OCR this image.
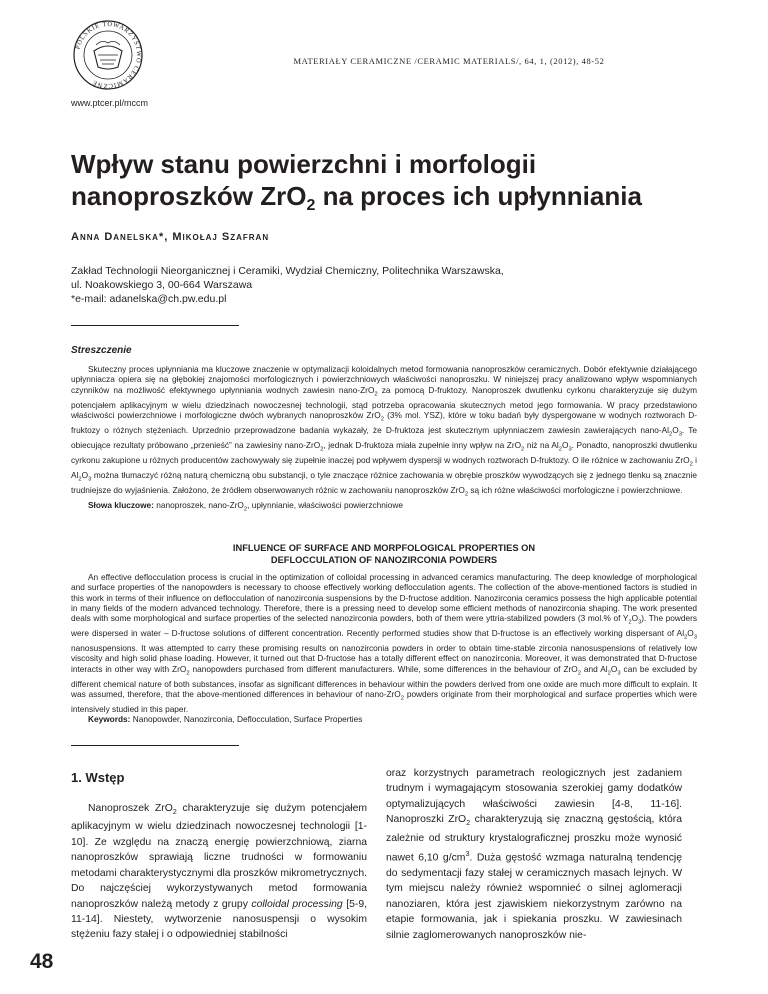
POLSKIE TOWARZYSTWO CERAMICZNE
www.ptcer.pl/mccm
MATERIAŁY CERAMICZNE /CERAMIC MATERIALS/, 64, 1, (2012), 48-52
Wpływ stanu powierzchni i morfologii
nanoproszków ZrO$_2$ na proces ich upłynniania
Anna Danelska*, Mikołaj Szafran
Zakład Technologii Nieorganicznej i Ceramiki, Wydział Chemiczny, Politechnika Warszawska,
ul. Noakowskiego 3, 00-664 Warszawa
*e-mail: adanelska@ch.pw.edu.pl
Streszczenie

Skuteczny proces upłynniania ma kluczowe znaczenie w optymalizacji koloidalnych metod formowania nanoproszków ceramicznych. Dobór efektywnie działającego upłynniacza opiera się na głębokiej znajomości morfologicznych i powierzchniowych właściwości nanoproszku. W niniejszej pracy analizowano wpływ wspomnianych czynników na możliwość efektywnego upłynniania wodnych zawiesin nano-ZrO$_2$ za pomocą D-fruktozy. Nanoproszek dwutlenku cyrkonu charakteryzuje się dużym potencjałem aplikacyjnym w wielu dziedzinach nowoczesnej technologii, stąd potrzeba opracowania skutecznych metod jego formowania. W pracy przedstawiono właściwości powierzchniowe i morfologiczne dwóch wybranych nanoproszków ZrO$_2$ (3% mol. YSZ), które w toku badań były dyspergowane w wodnych roztworach D-fruktozy o różnych stężeniach. Uprzednio przeprowadzone badania wykazały, że D-fruktoza jest skutecznym upłynniaczem zawiesin zawierających nano-$Al_2O_3$. Te obiecujące rezultaty próbowano „przenieść” na zawiesiny nano-ZrO$_2$, jednak D-fruktoza miała zupełnie inny wpływ na ZrO$_2$ niż na $Al_2O_3$. Ponadto, nanoproszki dwutlenku cyrkonu zakupione u różnych producentów zachowywały się zupełnie inaczej pod wpływem dyspersji w wodnych roztworach D-fruktozy. O ile różnice w zachowaniu ZrO$_2$ i $Al_2O_3$ można tłumaczyć różną naturą chemiczną obu substancji, o tyle znaczące różnice zachowania w obrębie proszków wywodzących się z jednego tlenku są znacznie trudniejsze do wyjaśnienia. Założono, że źródłem obserwowanych różnic w zachowaniu nanoproszków ZrO$_2$ są ich różne właściwości morfologiczne i powierzchniowe.

Słowa kluczowe: nanoproszek, nano-ZrO$_2$, upłynnianie, właściwości powierzchniowe

INFLUENCE OF SURFACE AND MORPFOLOGICAL PROPERTIES ON
DEFLOCCULATION OF NANOZIRCONIA POWDERS

An effective deflocculation process is crucial in the optimization of colloidal processing in advanced ceramics manufacturing. The deep knowledge of morphological and surface properties of the nanopowders is necessary to choose effectively working deflocculation agents. The collection of the above-mentioned factors is studied in this work in terms of their influence on deflocculation of nanozirconia suspensions by the D-fructose addition. Nanozirconia ceramics possess the high applicable potential in many fields of the modern advanced technology. Therefore, there is a pressing need to develop some efficient methods of nanozirconia shaping. The work presented deals with some morphological and surface properties of the selected nanozirconia powders, both of them were yttria-stabilized powders (3 mol.% of $Y_2O_3$). The powders were dispersed in water – D-fructose solutions of different concentration. Recently performed studies show that D-fructose is an effectively working dispersant of $Al_2O_3$ nanosuspensions. It was attempted to carry these promising results on nanozirconia powders in order to obtain time-stable zirconia nanosuspensions of relatively low viscosity and high solid phase loading. However, it turned out that D-fructose has a totally different effect on nanozirconia. Moreover, it was demonstrated that D-fructose interacts in other way with ZrO$_2$ nanopowders purchased from different manufacturers. While, some differences in the behaviour of ZrO$_2$ and $Al_2O_3$ can be excluded by different chemical nature of both substances, insofar as significant differences in behaviour within the powders derived from one oxide are much more difficult to explain. It was assumed, therefore, that the above-mentioned differences in behaviour of nano-ZrO$_2$ powders originate from their morphological and surface properties which were intensively studied in this paper.

Keywords: Nanopowder, Nanozirconia, Deflocculation, Surface Properties

1. Wstęp

Nanoproszek ZrO$_2$ charakteryzuje się dużym potencjałem aplikacyjnym w wielu dziedzinach nowoczesnej technologii [1-10]. Ze względu na znaczą energię powierzchniową, ziarna nanoproszków sprawiają liczne trudności w formowaniu metodami charakterystycznymi dla proszków mikrometrycznych. Do najczęściej wykorzystywanych metod formowania nanoproszków należą metody z grupy colloidal processing [5-9, 11-14]. Niestety, wytworzenie nanosuspensji o wysokim stężeniu fazy stałej i o odpowiedniej stabilności

oraz korzystnych parametrach reologicznych jest zadaniem trudnym i wymagającym stosowania szerokiej gamy dodatków optymalizujących właściwości zawiesin [4-8, 11-16]. Nanoproszki ZrO$_2$ charakteryzują się znaczną gęstością, która zależnie od struktury krystalograficznej proszku może wynosić nawet 6,10 $g/cm^3$. Duża gęstość wzmaga naturalną tendencję do sedymentacji fazy stałej w ceramicznych masach lejnych. W tym miejscu należy również wspomnieć o silnej aglomeracji nanoziaren, która jest zjawiskiem niekorzystnym zarówno na etapie formowania, jak i spiekania proszku. W zawiesinach silnie zaglomerowanych nanoproszków nie-

48
